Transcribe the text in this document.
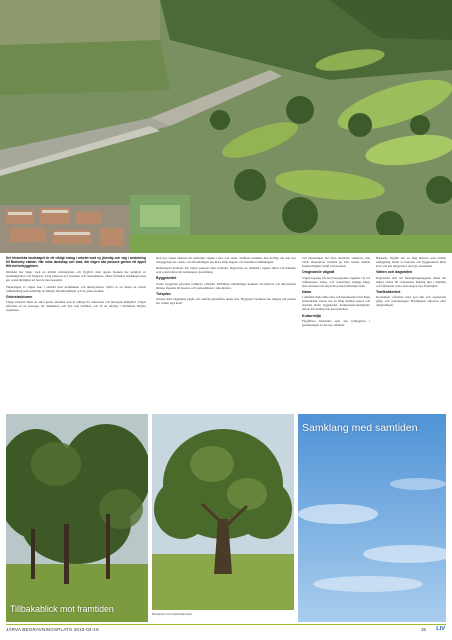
Det historiska landskapet är ett viktigt inslag i arbetet med ny järnväg och väg i anslutning till Barkarby station. Här möts landskap och stad, där vägen ska passera genom ett öppet fält mot bebyggelsen.

Området har länge varit en militär övningsplats och flygfält. Den öppna marken har präglats av landningsbanor och hangarer. I dag planeras nya bostäder och verksamheter, vilket förändrar landskapet men ger också möjlighet att bevara dess karaktär.

Planeringen av vägen sker i samråd med kommunen och länsstyrelsen. Syftet är att skapa en robust trafiklösning som samtidigt tar hänsyn till kulturmiljön och de gröna stråken.

Grönstrukturen

Längs sträckan finns ett antal gröna områden som är viktiga för rekreation och biologisk mångfald. Vägen utformas så att passager för människor och djur kan behållas, och så att intrång i värdefulla miljöer begränsas.

Den nya vägen ansluter till befintligt vägnät i norr och söder. Trafiken beräknas öka kraftigt när den nya bebyggelsen tas i bruk, och utformningen ska klara både dagens och framtida trafikmängder.

Bullerskydd planeras där vägen passerar nära bostäder. Dagvatten tas omhand i öppna diken och dammar som också bidrar till landskapets gestaltning.

Byggskedet

Under byggtiden påverkas trafiken i området. Tillfälliga omledningar kommer att behövas och information lämnas löpande till boende och verksamheter i närområdet.

Tidsplan

Arbetet med vägplanen pågår och samråd genomförs under året. Byggstart beräknas ske tidigast när planen har vunnit laga kraft.

Vid planeringen har flera alternativ studerats. Det valda alternativet bedöms ge bäst balans mellan framkomlighet, miljö och kostnad.

Omgivande vägnät

Vägen kopplas till det övergripande vägnätet via två trafikplatser. Gång- och cykelvägar anläggs längs hela sträckan och knyts ihop med befintliga stråk.

Natur

I området finns äldre ekar och betesmarker med höga naturvärden. Dessa ska så långt möjligt sparas och skyddas under byggskedet. Kompensationsåtgärder utreds där intrång inte kan undvikas.

Kulturmiljö

Flygfältets historiska spår ska synliggöras i gestaltningen av det nya området.

Barkarby flygfält har en lång historia som militär anläggning. Delar av banorna och byggnaderna finns kvar och ska integreras i den nya stadsdelen.

Vatten och dagvatten

Dagvattnet leds till fördröjningsmagasin innan det släpps vidare till recipienten. Rening sker i dammar och våtmarker som också skapar nya livsmiljöer.

Trafiksäkerhet

Korsningar utformas med god sikt och separerade gång- och cykelpassager. Hastigheten anpassas efter omgivningen.

Samklang med samtiden
Tillbakablick mot framtiden	Betesmark vid Granholmsbacken
JÄRVA BEGRAVNINGSPLATS 2010-02-19	15 LIV
